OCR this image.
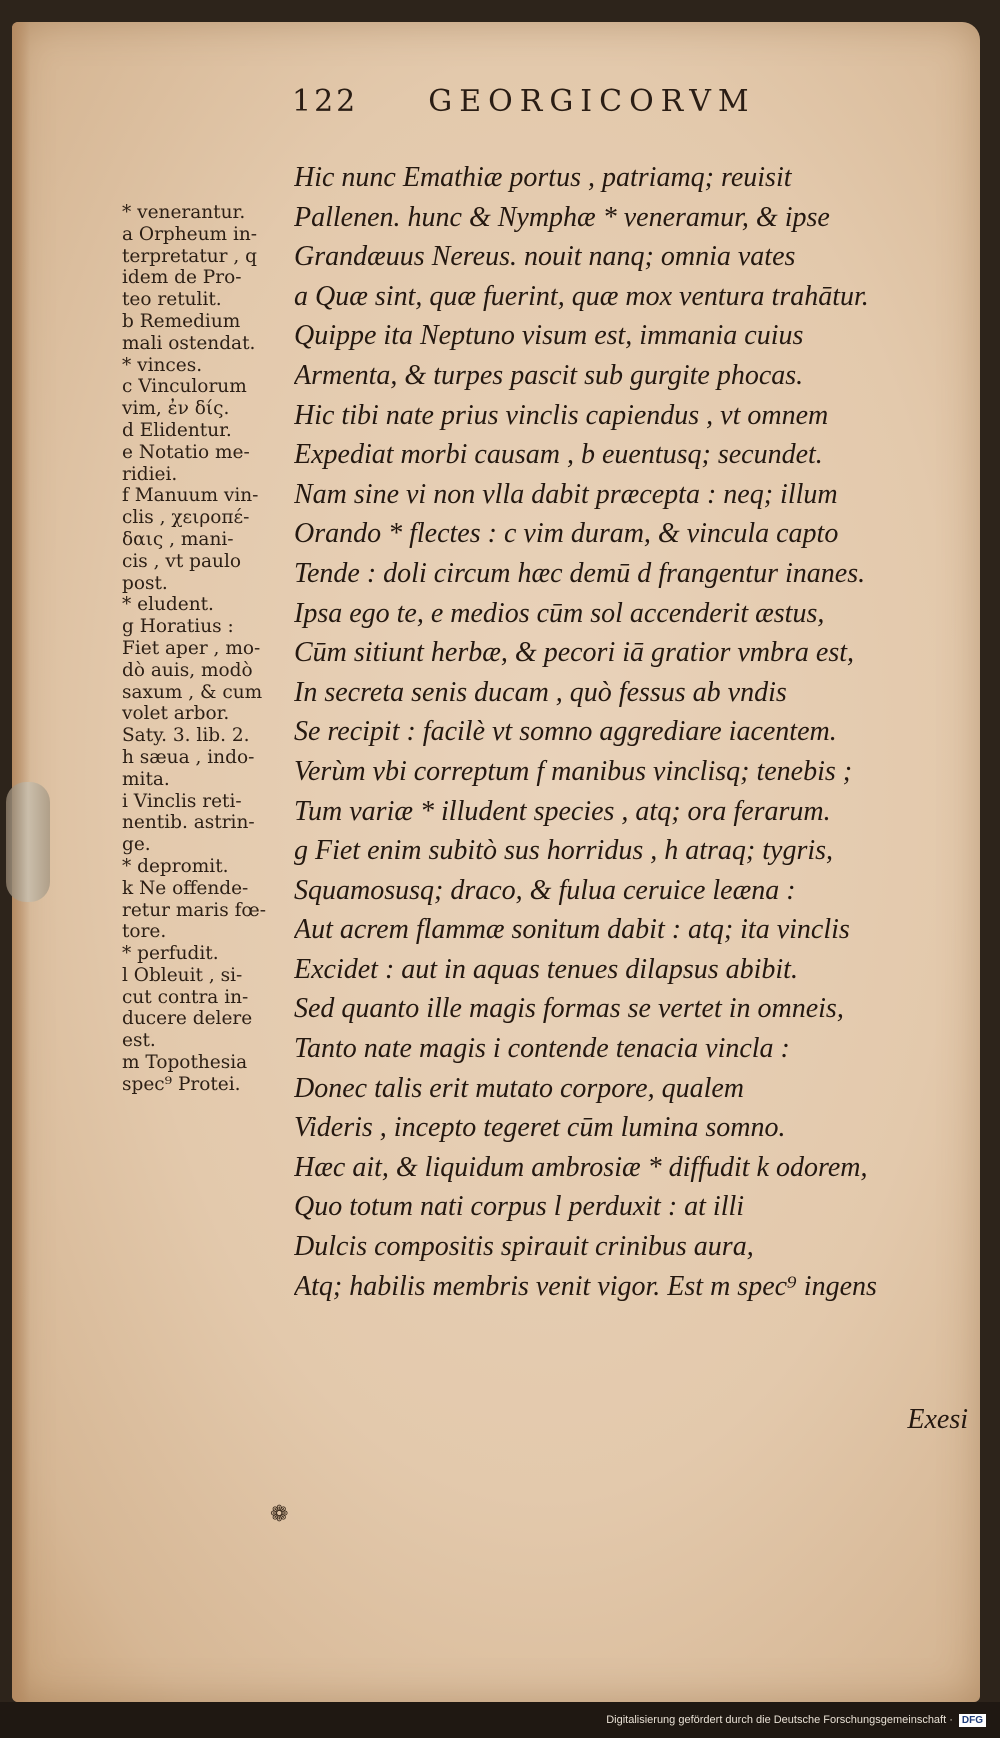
122 GEORGICORVM

* venerantur.

a Orpheum in-

terpretatur , q

idem de Pro-

teo retulit.

b Remedium

mali ostendat.

* vinces.

c Vinculorum

vim, ἐν δίς.

d Elidentur.

e Notatio me-

ridiei.

f Manuum vin-

clis , χειροπέ-

δαις , mani-

cis , vt paulo

post.

* eludent.

g Horatius :

Fiet aper , mo-

dò auis, modò

saxum , & cum

volet arbor.

Saty. 3. lib. 2.

h sæua , indo-

mita.

i Vinclis reti-

nentib. astrin-

ge.

* depromit.

k Ne offende-

retur maris fœ-

tore.

* perfudit.

l Obleuit , si-

cut contra in-

ducere delere

est.

m Topothesia

spec⁹ Protei.

Hic nunc Emathiæ portus , patriamq; reuisit
Pallenen. hunc & Nymphæ * veneramur, & ipse
Grandæuus Nereus. nouit nanq; omnia vates
a Quæ sint, quæ fuerint, quæ mox ventura trahātur.
Quippe ita Neptuno visum est, immania cuius
Armenta, & turpes pascit sub gurgite phocas.
Hic tibi nate prius vinclis capiendus , vt omnem
Expediat morbi causam , b euentusq; secundet.
Nam sine vi non vlla dabit præcepta : neq; illum
Orando * flectes : c vim duram, & vincula capto
Tende : doli circum hæc demū d frangentur inanes.
Ipsa ego te, e medios cūm sol accenderit æstus,
Cūm sitiunt herbæ, & pecori iā gratior vmbra est,
In secreta senis ducam , quò fessus ab vndis
Se recipit : facilè vt somno aggrediare iacentem.
Verùm vbi correptum f manibus vinclisq; tenebis ;
Tum variæ * illudent species , atq; ora ferarum.
g Fiet enim subitò sus horridus , h atraq; tygris,
Squamosusq; draco, & fulua ceruice leæna :
Aut acrem flammæ sonitum dabit : atq; ita vinclis
Excidet : aut in aquas tenues dilapsus abibit.
Sed quanto ille magis formas se vertet in omneis,
Tanto nate magis i contende tenacia vincla :
Donec talis erit mutato corpore, qualem
Videris , incepto tegeret cūm lumina somno.
Hæc ait, & liquidum ambrosiæ * diffudit k odorem,
Quo totum nati corpus l perduxit : at illi
Dulcis compositis spirauit crinibus aura,
Atq; habilis membris venit vigor. Est m spec⁹ ingens
Exesi
❁
Digitalisierung gefördert durch die Deutsche Forschungsgemeinschaft · DFG
